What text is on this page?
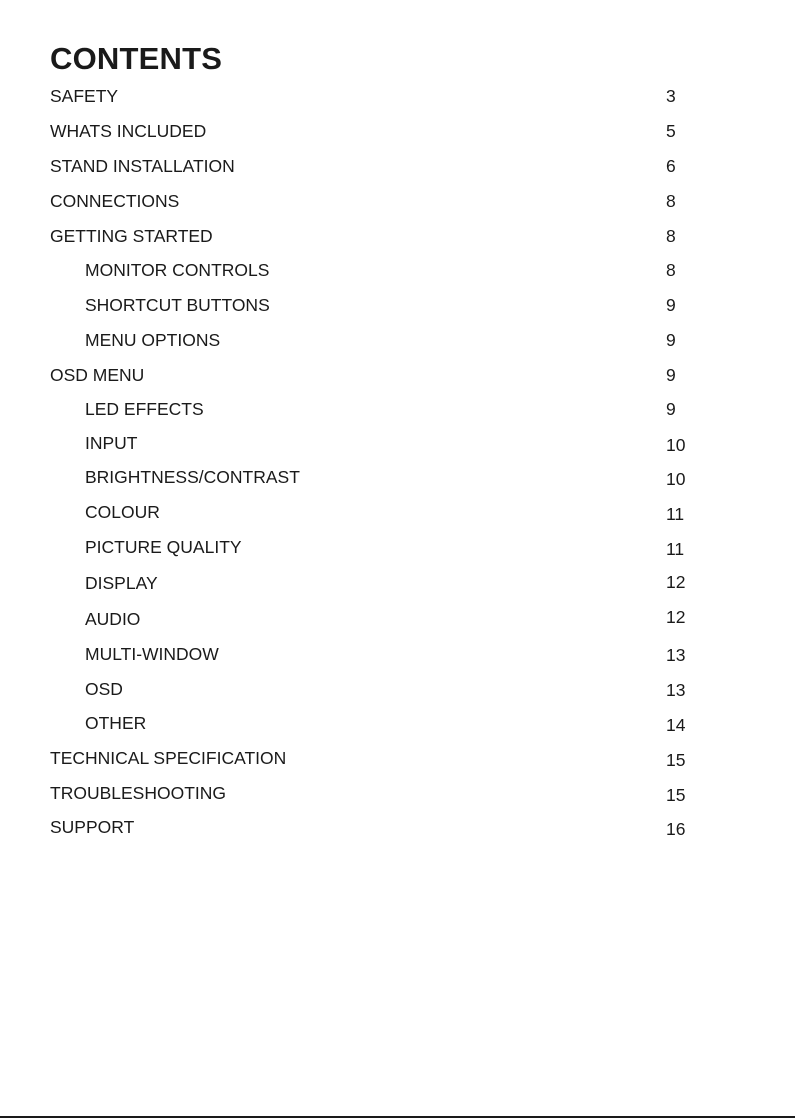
CONTENTS
SAFETY	3
WHATS INCLUDED	5
STAND INSTALLATION	6
CONNECTIONS	8
GETTING STARTED	8
MONITOR CONTROLS	8
SHORTCUT BUTTONS	9
MENU OPTIONS	9
OSD MENU	9
LED EFFECTS	9
INPUT	10
BRIGHTNESS/CONTRAST	10
COLOUR	11
PICTURE QUALITY	11
DISPLAY	12
AUDIO	12
MULTI-WINDOW	13
OSD	13
OTHER	14
TECHNICAL SPECIFICATION	15
TROUBLESHOOTING	15
SUPPORT	16
